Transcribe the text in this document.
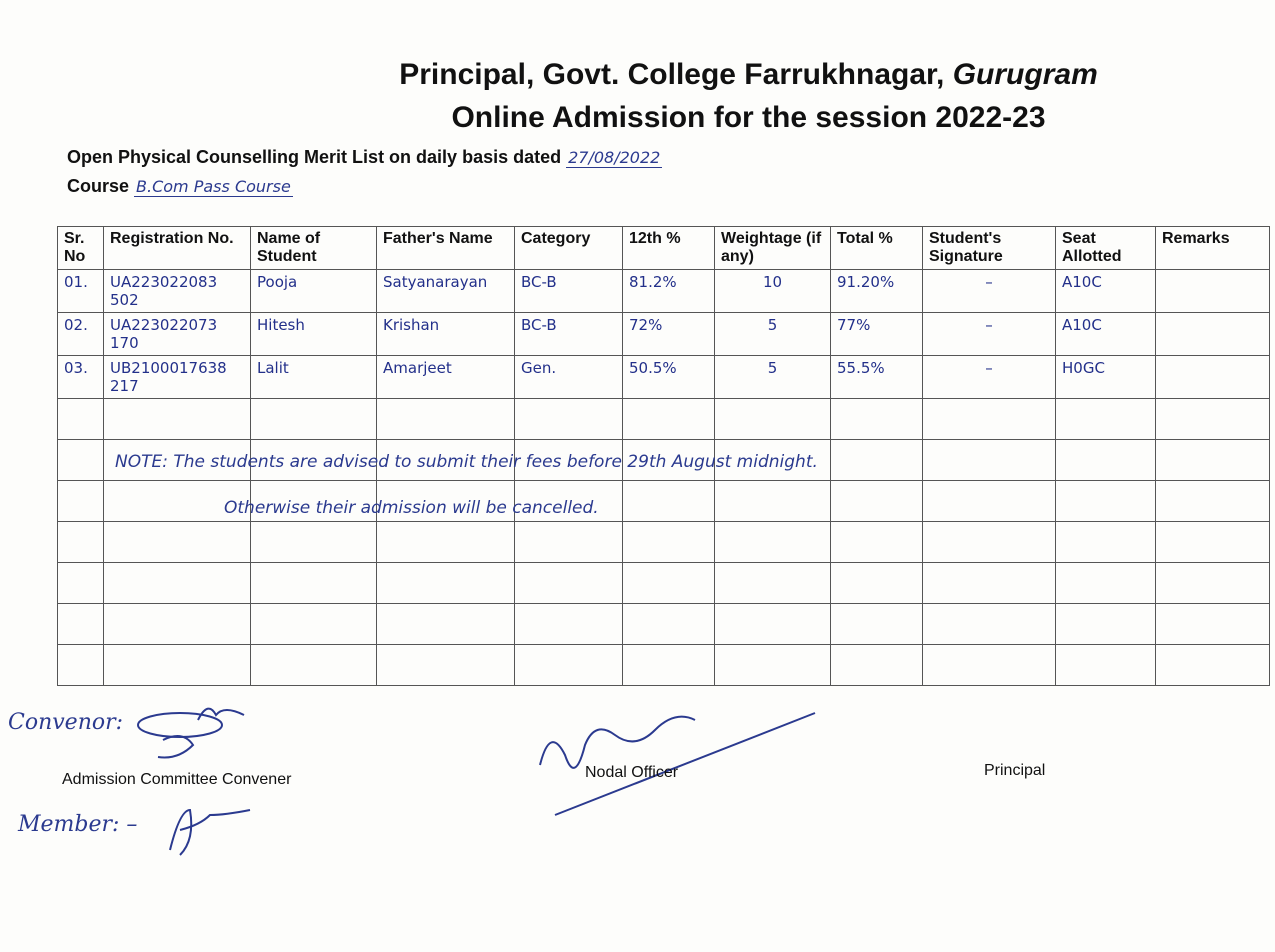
Principal, Govt. College Farrukhnagar, Gurugram
Online Admission for the session 2022-23
Open Physical Counselling Merit List on daily basis dated 27/08/2022
Course B.Com Pass Course
Sr. No	Registration No.	Name of Student	Father's Name	Category	12th %	Weightage (if any)	Total %	Student's Signature	Seat Allotted	Remarks
01.	UA223022083 502	Pooja	Satyanarayan	BC-B	81.2%	10	91.20%	–	A10C	
02.	UA223022073 170	Hitesh	Krishan	BC-B	72%	5	77%	–	A10C	
03.	UB2100017638 217	Lalit	Amarjeet	Gen.	50.5%	5	55.5%	–	H0GC	

NOTE: The students are advised to submit their fees before 29th August midnight.
Otherwise their admission will be cancelled.
Convenor:
Admission Committee Convener
Member: –
Nodal Officer	Principal
